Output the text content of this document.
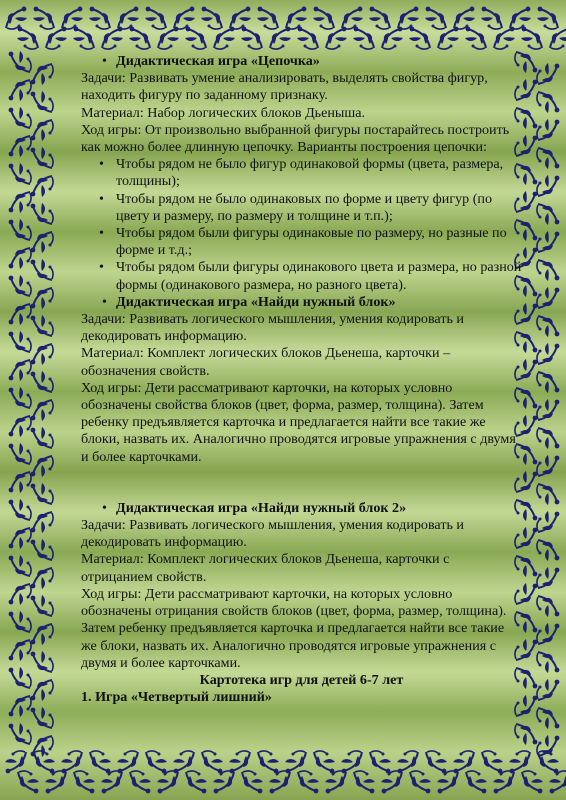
• Дидактическая игра «Цепочка»

Задачи: Развивать умение анализировать, выделять свойства фигур, находить фигуру по заданному признаку.

Материал: Набор логических блоков Дьеныша.

Ход игры: От произвольно выбранной фигуры постарайтесь построить как можно более длинную цепочку. Варианты построения цепочки:

• Чтобы рядом не было фигур одинаковой формы (цвета, размера, толщины);
• Чтобы рядом не было одинаковых по форме и цвету фигур (по цвету и размеру, по размеру и толщине и т.п.);
• Чтобы рядом были фигуры одинаковые по размеру, но разные по форме и т.д.;
• Чтобы рядом были фигуры одинакового цвета и размера, но разной формы (одинакового размера, но разного цвета).
• Дидактическая игра «Найди нужный блок»

Задачи: Развивать логического мышления, умения кодировать и декодировать информацию.

Материал: Комплект логических блоков Дьенеша, карточки – обозначения свойств.

Ход игры: Дети рассматривают карточки, на которых условно обозначены свойства блоков (цвет, форма, размер, толщина). Затем ребенку предъявляется карточка и предлагается найти все такие же блоки, назвать их. Аналогично проводятся игровые упражнения с двумя и более карточками.

• Дидактическая игра «Найди нужный блок 2»

Задачи: Развивать логического мышления, умения кодировать и декодировать информацию.

Материал: Комплект логических блоков Дьенеша, карточки с отрицанием свойств.

Ход игры: Дети рассматривают карточки, на которых условно обозначены отрицания свойств блоков (цвет, форма, размер, толщина). Затем ребенку предъявляется карточка и предлагается найти все такие же блоки, назвать их. Аналогично проводятся игровые упражнения с двумя и более карточками.

Картотека игр для детей 6-7 лет

1. Игра «Четвертый лишний»
